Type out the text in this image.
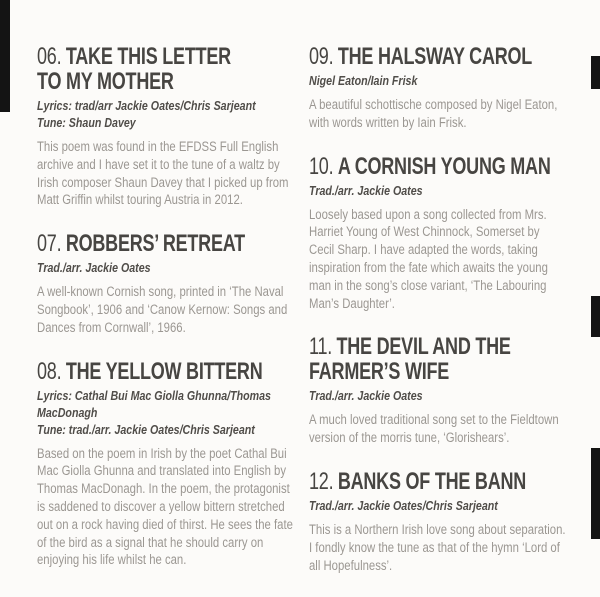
06. TAKE THIS LETTER
TO MY MOTHER
Lyrics: trad/arr Jackie Oates/Chris Sarjeant
Tune: Shaun Davey
This poem was found in the EFDSS Full English archive and I have set it to the tune of a waltz by Irish composer Shaun Davey that I picked up from Matt Griffin whilst touring Austria in 2012.
07. ROBBERS’ RETREAT
Trad./arr. Jackie Oates
A well-known Cornish song, printed in ‘The Naval Songbook’, 1906 and ‘Canow Kernow: Songs and Dances from Cornwall’, 1966.
08. THE YELLOW BITTERN
Lyrics: Cathal Bui Mac Giolla Ghunna/Thomas MacDonagh
Tune: trad./arr. Jackie Oates/Chris Sarjeant
Based on the poem in Irish by the poet Cathal Bui Mac Giolla Ghunna and translated into English by Thomas MacDonagh. In the poem, the protagonist is saddened to discover a yellow bittern stretched out on a rock having died of thirst. He sees the fate of the bird as a signal that he should carry on enjoying his life whilst he can.
09. THE HALSWAY CAROL
Nigel Eaton/Iain Frisk
A beautiful schottische composed by Nigel Eaton, with words written by Iain Frisk.
10. A CORNISH YOUNG MAN
Trad./arr. Jackie Oates
Loosely based upon a song collected from Mrs. Harriet Young of West Chinnock, Somerset by Cecil Sharp. I have adapted the words, taking inspiration from the fate which awaits the young man in the song’s close variant, ‘The Labouring Man’s Daughter’.
11. THE DEVIL AND THE
FARMER’S WIFE
Trad./arr. Jackie Oates
A much loved traditional song set to the Fieldtown version of the morris tune, ‘Glorishears’.
12. BANKS OF THE BANN
Trad./arr. Jackie Oates/Chris Sarjeant
This is a Northern Irish love song about separation. I fondly know the tune as that of the hymn ‘Lord of all Hopefulness’.
